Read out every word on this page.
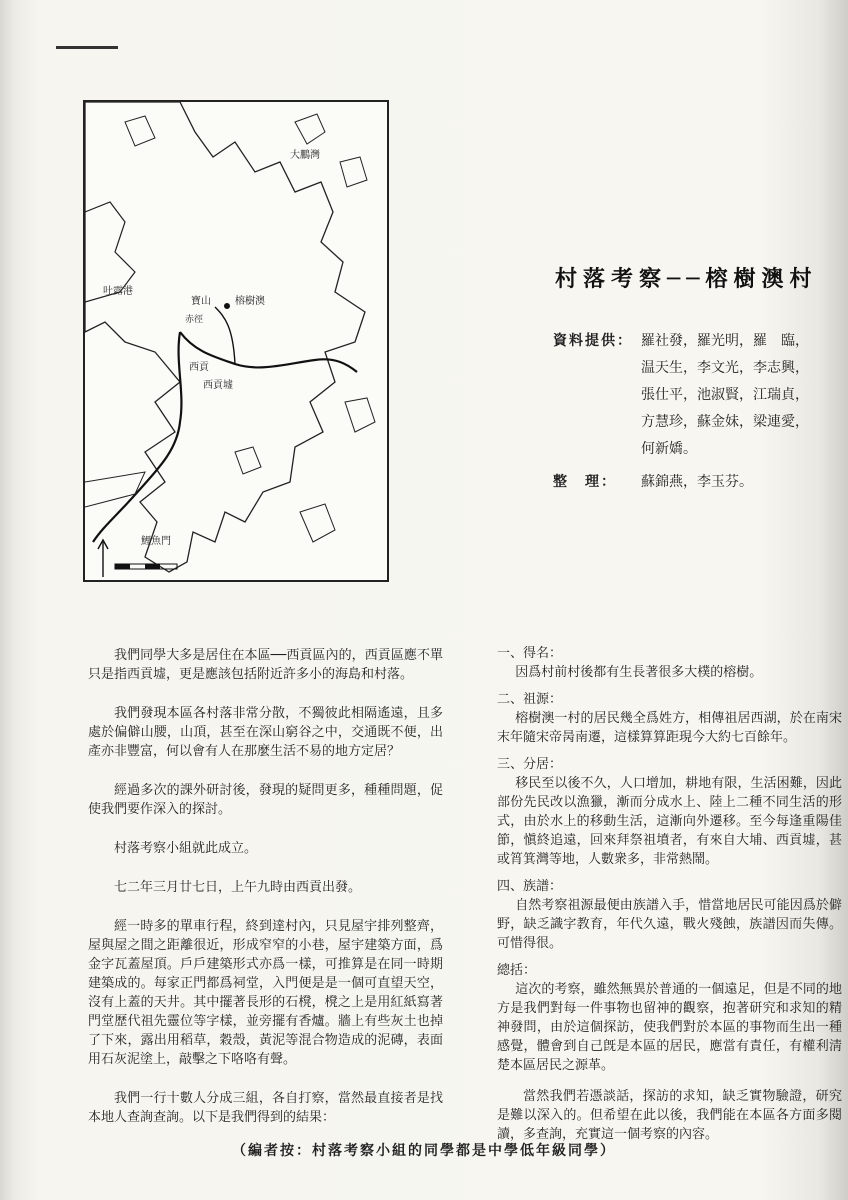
大鵬灣
吐露港
寶山 榕樹澳
西貢
西貢墟
鯉魚門
赤徑
村落考察──榕樹澳村
資料提供： 羅社發，羅光明，羅　臨，
温天生，李文光，李志興，
張仕平，池淑賢，江瑞貞，
方慧珍，蘇金妹，梁連愛，
何新嬌。
整　理：	蘇錦燕，李玉芬。

我們同學大多是居住在本區──西貢區內的，西貢區應不單只是指西貢墟，更是應該包括附近許多小的海島和村落。

我們發現本區各村落非常分散，不獨彼此相隔遙遠，且多處於偏僻山腰，山頂，甚至在深山窮谷之中，交通既不便，出產亦非豐富，何以會有人在那麼生活不易的地方定居？

經過多次的課外研討後，發現的疑問更多，種種問題，促使我們要作深入的探討。

村落考察小組就此成立。

七二年三月廿七日，上午九時由西貢出發。

經一時多的單車行程，終到達村內，只見屋宇排列整齊，屋與屋之間之距離很近，形成窄窄的小巷，屋宇建築方面，爲金字瓦蓋屋頂。戶戶建築形式亦爲一樣，可推算是在同一時期建築成的。每家正門都爲祠堂，入門便是是一個可直望天空，沒有上蓋的天井。其中擺著長形的石櫈，櫈之上是用紅紙寫著門堂歷代祖先靈位等字樣，並旁擺有香爐。牆上有些灰土也掉了下來，露出用稻草，穀殼，黃泥等混合物造成的泥磚，表面用石灰泥塗上，敲擊之下咯咯有聲。

我們一行十數人分成三組，各自打察，當然最直接者是找本地人查詢查詢。以下是我們得到的結果：

一、得名：
因爲村前村後都有生長著很多大樸的榕樹。
二、祖源：
榕樹澳一村的居民幾全爲姓方，相傳祖居西湖，於在南宋末年隨宋帝昺南遷，這樣算算距現今大約七百餘年。
三、分居：
移民至以後不久，人口增加，耕地有限，生活困難，因此部份先民改以漁獵，漸而分成水上、陸上二種不同生活的形式，由於水上的移動生活，這漸向外遷移。至今每逢重陽佳節，愼終追遠，回來拜祭祖墳者，有來自大埔、西貢墟，甚或筲箕灣等地，人數衆多，非常熱鬧。
四、族譜：
自然考察祖源最便由族譜入手，惜當地居民可能因爲於僻野，缺乏識字教育，年代久遠，戰火殘蝕，族譜因而失傳。可惜得很。
總括：
這次的考察，雖然無異於普通的一個遠足，但是不同的地方是我們對每一件事物也留神的觀察，抱著研究和求知的精神發問，由於這個探訪，使我們對於本區的事物而生出一種感覺，體會到自己旣是本區的居民，應當有責任，有權利淸楚本區居民之源革。
當然我們若憑談話，探訪的求知，缺乏實物驗證，研究是難以深入的。但希望在此以後，我們能在本區各方面多閱讀，多查詢，充實這一個考察的內容。
（編者按：村落考察小組的同學都是中學低年級同學）
